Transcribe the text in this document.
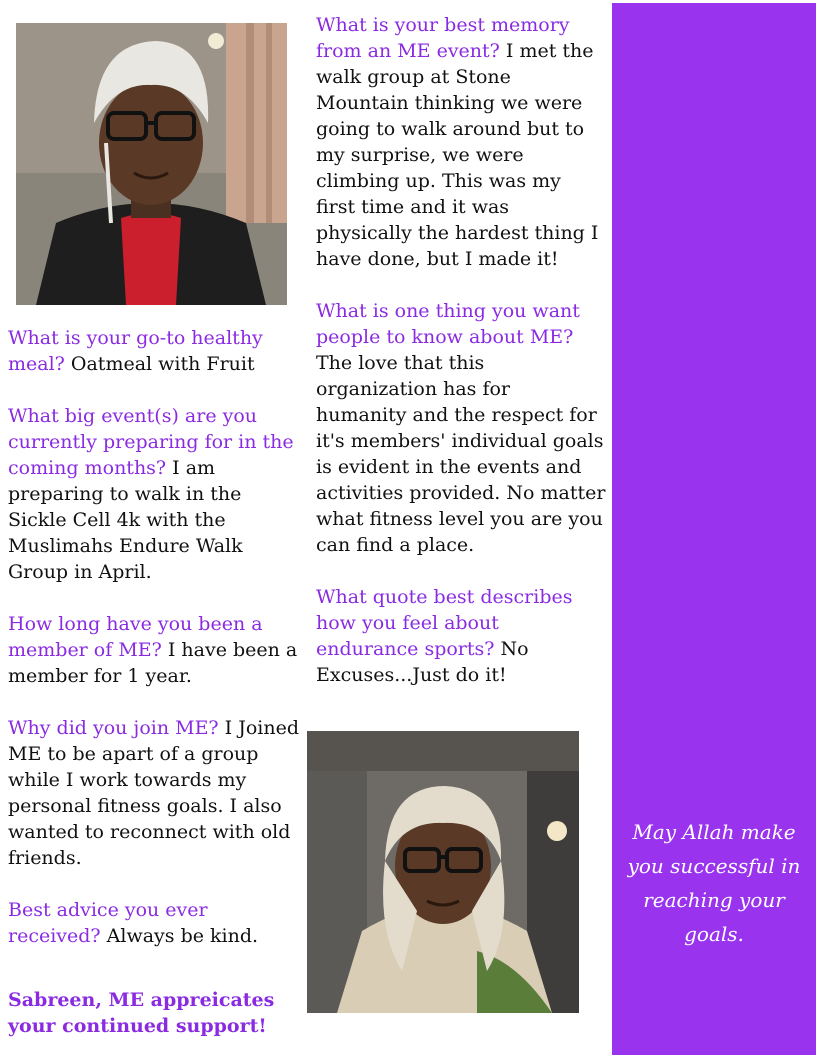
What is your go-to healthy meal? Oatmeal with Fruit
What big event(s) are you currently preparing for in the coming months? I am preparing to walk in the Sickle Cell 4k with the Muslimahs Endure Walk Group in April.
How long have you been a member of ME? I have been a member for 1 year.
Why did you join ME? I Joined ME to be apart of a group while I work towards my personal fitness goals. I also wanted to reconnect with old friends.
Best advice you ever received? Always be kind.
Sabreen, ME appreicates your continued support!
What is your best memory from an ME event? I met the walk group at Stone Mountain thinking we were going to walk around but to my surprise, we were climbing up. This was my first time and it was physically the hardest thing I have done, but I made it!
What is one thing you want people to know about ME? The love that this organization has for humanity and the respect for it's members' individual goals is evident in the events and activities provided. No matter what fitness level you are you can find a place.
What quote best describes how you feel about endurance sports? No Excuses...Just do it!
May Allah make you successful in reaching your goals.
